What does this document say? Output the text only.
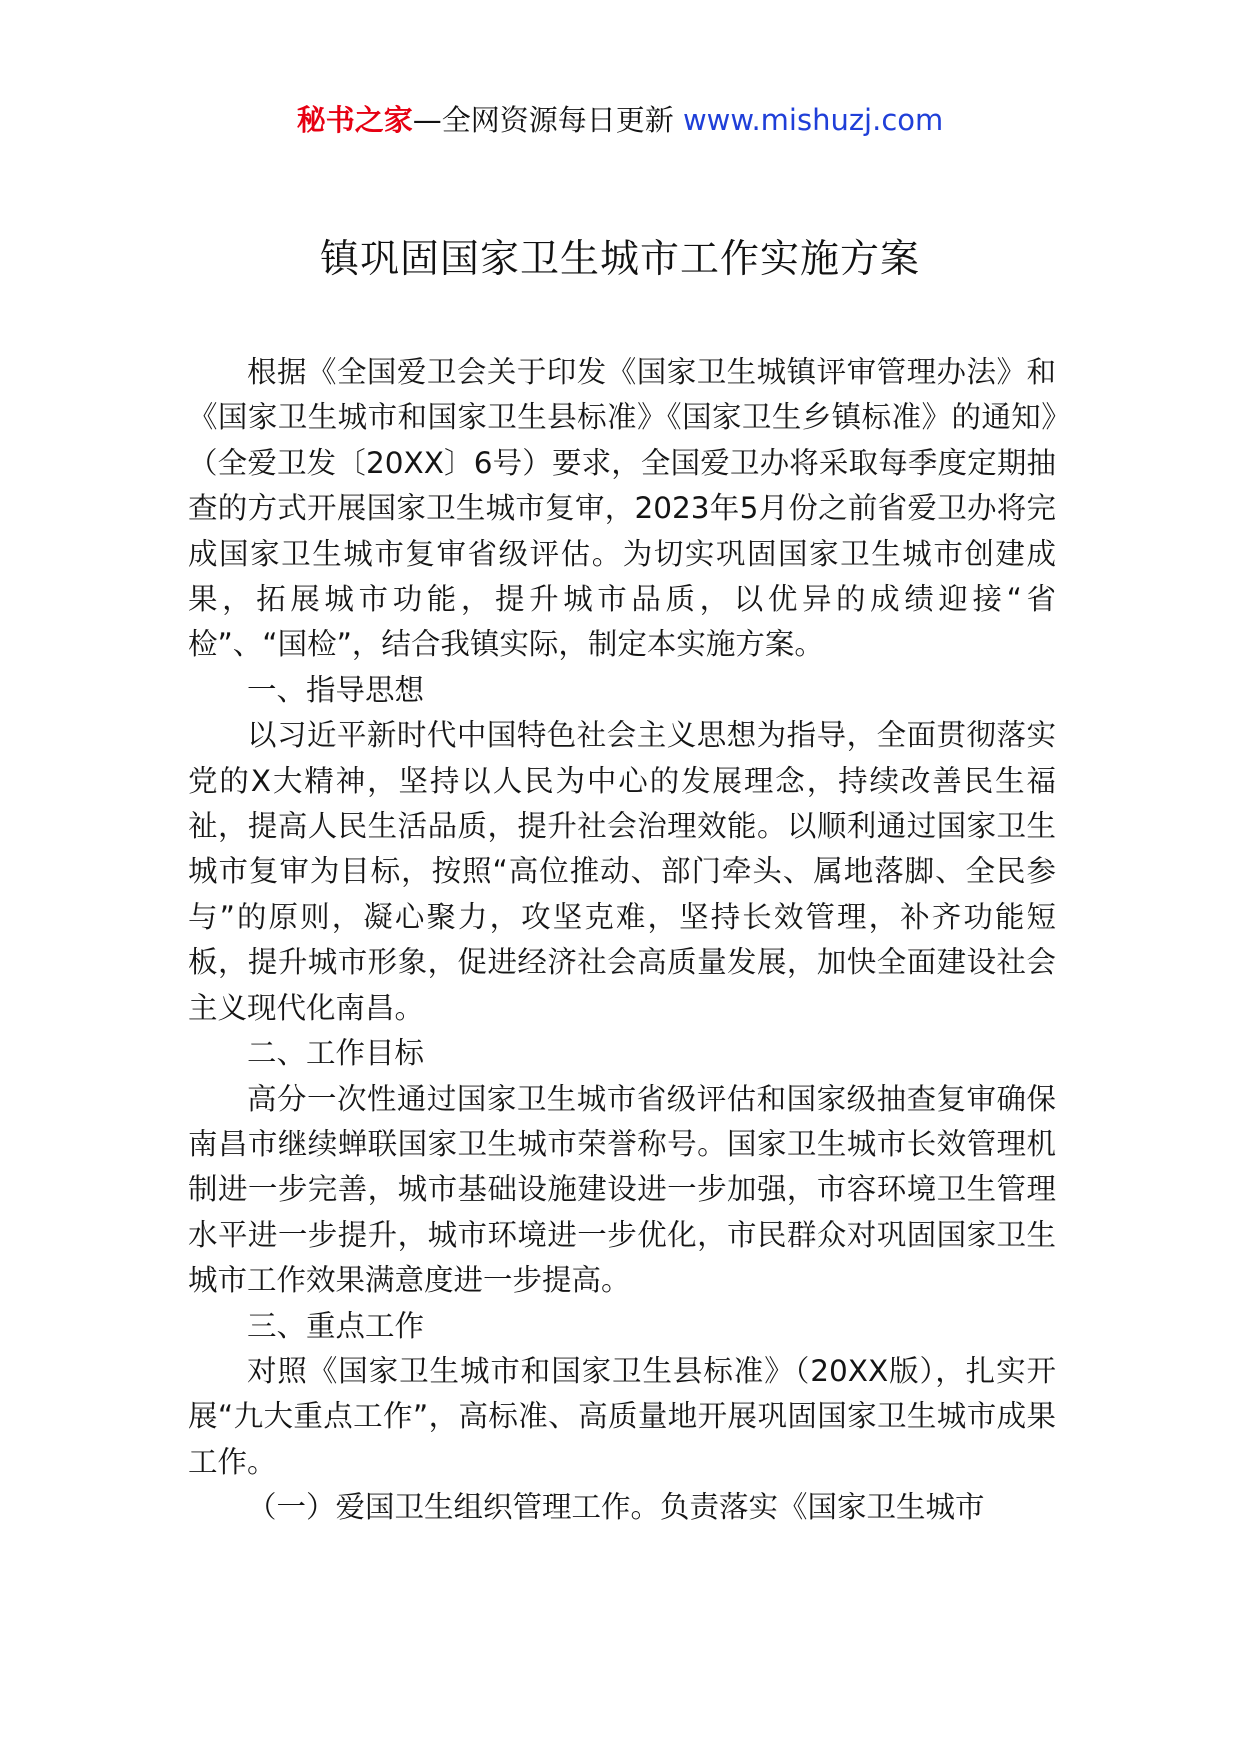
秘书之家—全网资源每日更新 www.mishuzj.com
镇巩固国家卫生城市工作实施方案

根据《全国爱卫会关于印发《国家卫生城镇评审管理办法》和《国家卫生城市和国家卫生县标准》《国家卫生乡镇标准》的通知》（全爱卫发〔20XX〕6号）要求，全国爱卫办将采取每季度定期抽查的方式开展国家卫生城市复审，2023年5月份之前省爱卫办将完成国家卫生城市复审省级评估。为切实巩固国家卫生城市创建成果，拓展城市功能，提升城市品质，以优异的成绩迎接“省检”、“国检”，结合我镇实际，制定本实施方案。

一、指导思想

以习近平新时代中国特色社会主义思想为指导，全面贯彻落实党的X大精神，坚持以人民为中心的发展理念，持续改善民生福祉，提高人民生活品质，提升社会治理效能。以顺利通过国家卫生城市复审为目标，按照“高位推动、部门牵头、属地落脚、全民参与”的原则，凝心聚力，攻坚克难，坚持长效管理，补齐功能短板，提升城市形象，促进经济社会高质量发展，加快全面建设社会主义现代化南昌。

二、工作目标

高分一次性通过国家卫生城市省级评估和国家级抽查复审确保南昌市继续蝉联国家卫生城市荣誉称号。国家卫生城市长效管理机制进一步完善，城市基础设施建设进一步加强，市容环境卫生管理水平进一步提升，城市环境进一步优化，市民群众对巩固国家卫生城市工作效果满意度进一步提高。

三、重点工作

对照《国家卫生城市和国家卫生县标准》（20XX版），扎实开展“九大重点工作”，高标准、高质量地开展巩固国家卫生城市成果工作。

（一）爱国卫生组织管理工作。负责落实《国家卫生城市
